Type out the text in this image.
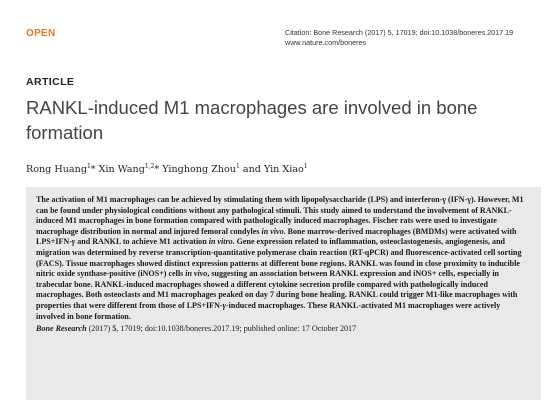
OPEN	Citation: Bone Research (2017) 5, 17019; doi:10.1038/boneres.2017.19
www.nature.com/boneres
ARTICLE
RANKL-induced M1 macrophages are involved in bone formation
Rong Huang$^1$* Xin Wang$^{1,2}$* Yinghong Zhou$^1$ and Yin Xiao$^1$

The activation of M1 macrophages can be achieved by stimulating them with lipopolysaccharide (LPS) and interferon-γ (IFN-γ). However, M1 can be found under physiological conditions without any pathological stimuli. This study aimed to understand the involvement of RANKL-induced M1 macrophages in bone formation compared with pathologically induced macrophages. Fischer rats were used to investigate macrophage distribution in normal and injured femoral condyles in vivo. Bone marrow-derived macrophages (BMDMs) were activated with LPS+IFN-γ and RANKL to achieve M1 activation in vitro. Gene expression related to inflammation, osteoclastogenesis, angiogenesis, and migration was determined by reverse transcription-quantitative polymerase chain reaction (RT-qPCR) and fluorescence-activated cell sorting (FACS). Tissue macrophages showed distinct expression patterns at different bone regions. RANKL was found in close proximity to inducible nitric oxide synthase-positive (iNOS+) cells in vivo, suggesting an association between RANKL expression and iNOS+ cells, especially in trabecular bone. RANKL-induced macrophages showed a different cytokine secretion profile compared with pathologically induced macrophages. Both osteoclasts and M1 macrophages peaked on day 7 during bone healing. RANKL could trigger M1-like macrophages with properties that were different from those of LPS+IFN-γ-induced macrophages. These RANKL-activated M1 macrophages were actively involved in bone formation.

Bone Research (2017) 5, 17019; doi:10.1038/boneres.2017.19; published online: 17 October 2017
